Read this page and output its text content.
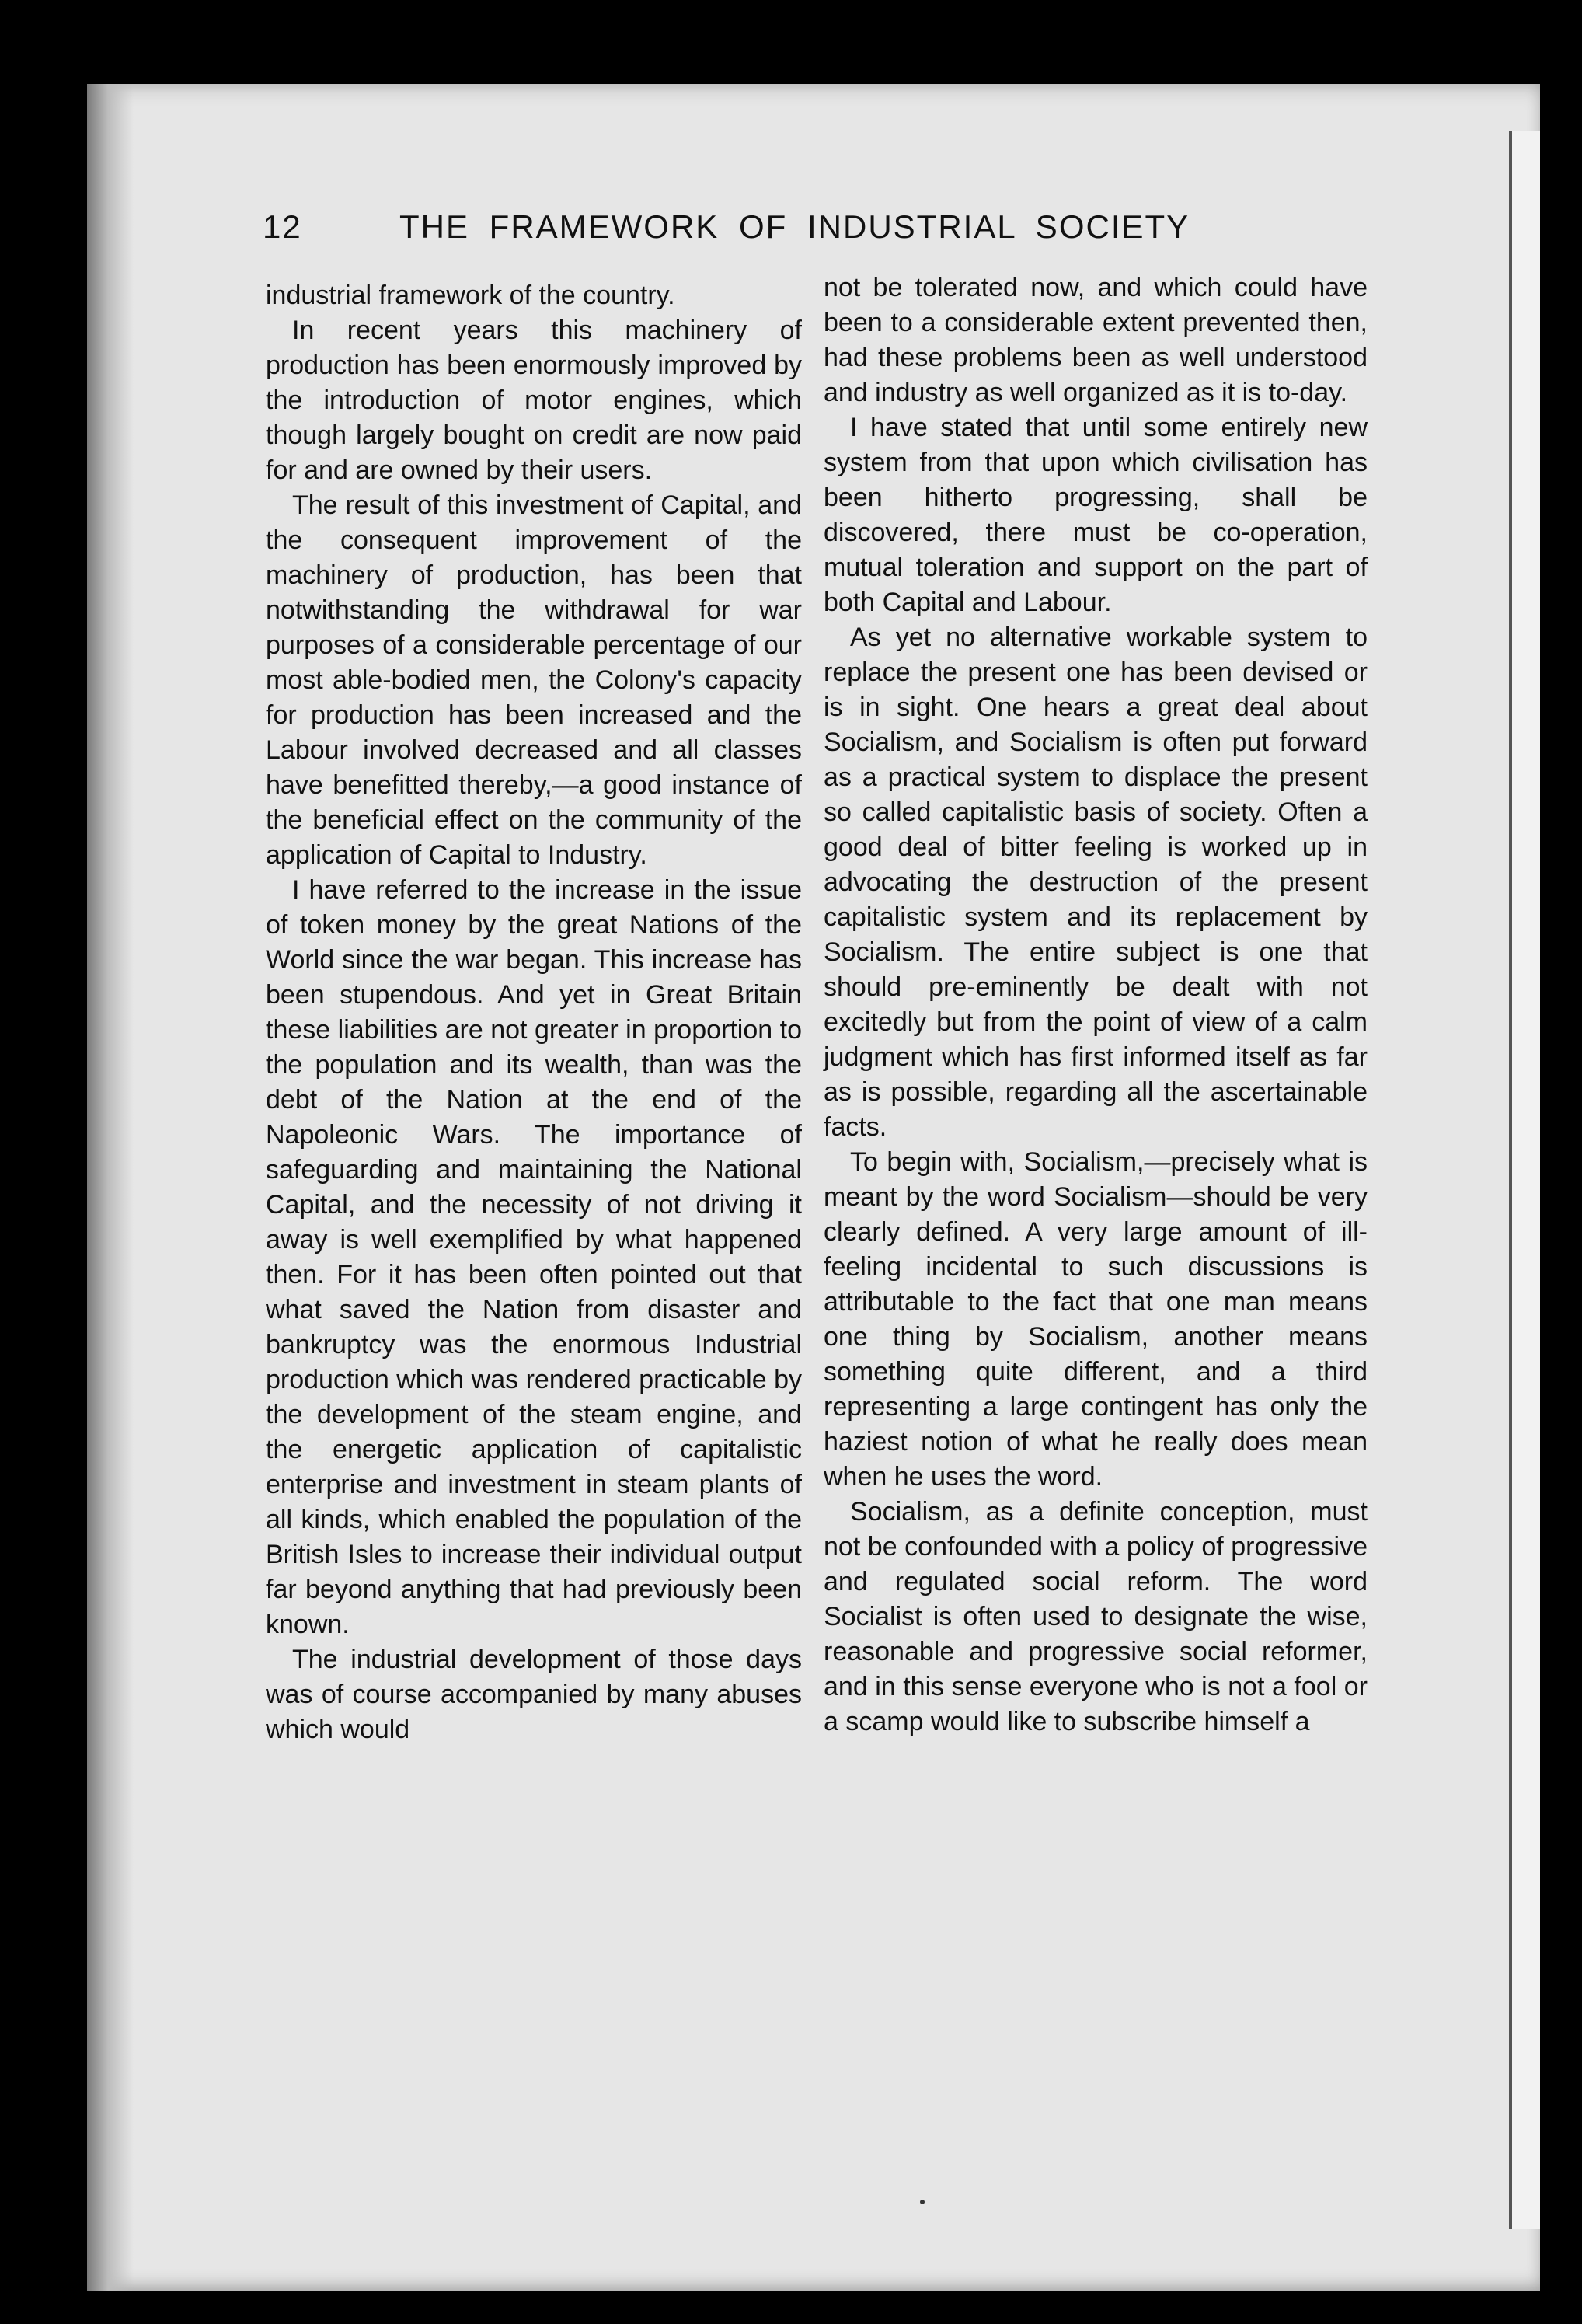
12	THE FRAMEWORK OF INDUSTRIAL SOCIETY

industrial framework of the country.

In recent years this machinery of production has been enormously improved by the introduction of motor engines, which though largely bought on credit are now paid for and are owned by their users.

The result of this investment of Capital, and the consequent improvement of the machinery of production, has been that notwithstanding the withdrawal for war purposes of a considerable percentage of our most able-bodied men, the Colony's capacity for production has been increased and the Labour involved decreased and all classes have benefitted thereby,—a good instance of the beneficial effect on the community of the application of Capital to Industry.

I have referred to the increase in the issue of token money by the great Nations of the World since the war began. This increase has been stupendous. And yet in Great Britain these liabilities are not greater in proportion to the population and its wealth, than was the debt of the Nation at the end of the Napoleonic Wars. The importance of safeguarding and maintaining the National Capital, and the necessity of not driving it away is well exemplified by what happened then. For it has been often pointed out that what saved the Nation from disaster and bankruptcy was the enormous Industrial production which was rendered practicable by the development of the steam engine, and the energetic application of capitalistic enterprise and investment in steam plants of all kinds, which enabled the population of the British Isles to increase their individual output far beyond anything that had previously been known.

The industrial development of those days was of course accompanied by many abuses which would

not be tolerated now, and which could have been to a considerable extent prevented then, had these problems been as well understood and industry as well organized as it is to-day.

I have stated that until some entirely new system from that upon which civilisation has been hitherto progressing, shall be discovered, there must be co-operation, mutual toleration and support on the part of both Capital and Labour.

As yet no alternative workable system to replace the present one has been devised or is in sight. One hears a great deal about Socialism, and Socialism is often put forward as a practical system to displace the present so called capitalistic basis of society. Often a good deal of bitter feeling is worked up in advocating the destruction of the present capitalistic system and its replacement by Socialism. The entire subject is one that should pre-eminently be dealt with not excitedly but from the point of view of a calm judgment which has first informed itself as far as is possible, regarding all the ascertainable facts.

To begin with, Socialism,—precisely what is meant by the word Socialism—should be very clearly defined. A very large amount of ill-feeling incidental to such discussions is attributable to the fact that one man means one thing by Socialism, another means something quite different, and a third representing a large contingent has only the haziest notion of what he really does mean when he uses the word.

Socialism, as a definite conception, must not be confounded with a policy of progressive and regulated social reform. The word Socialist is often used to designate the wise, reasonable and progressive social reformer, and in this sense everyone who is not a fool or a scamp would like to subscribe himself a
